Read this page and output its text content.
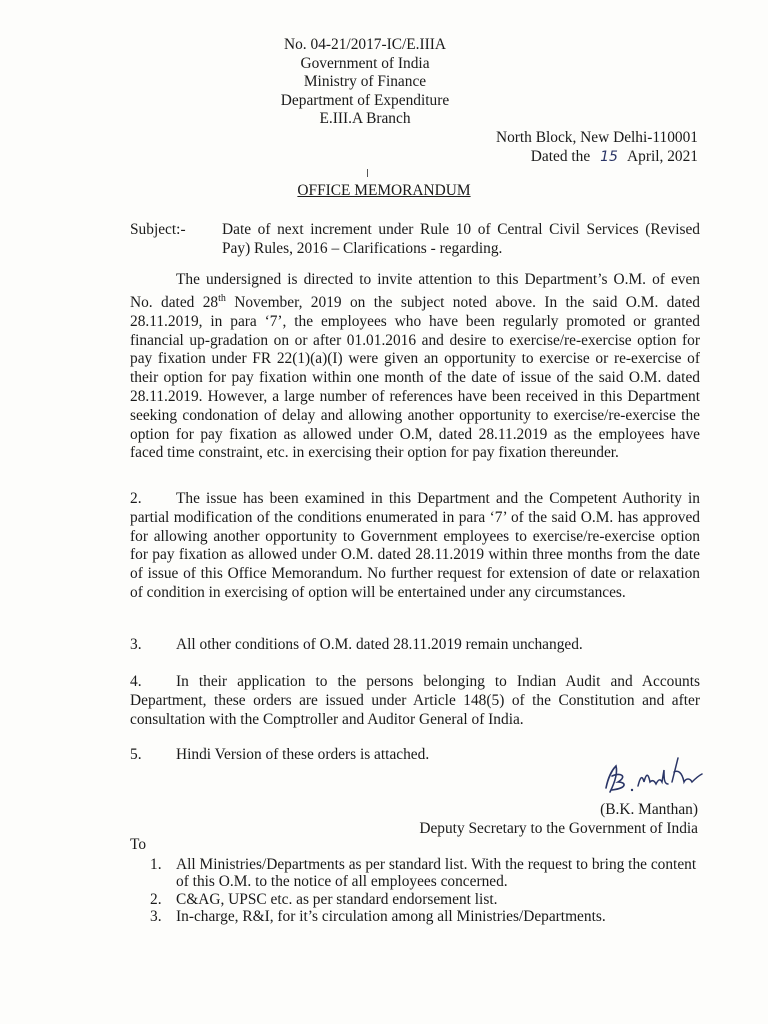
No. 04-21/2017-IC/E.IIIA
Government of India
Ministry of Finance
Department of Expenditure
E.III.A Branch
North Block, New Delhi-110001
Dated the 15 April, 2021
OFFICE MEMORANDUM
Subject:- Date of next increment under Rule 10 of Central Civil Services (Revised Pay) Rules, 2016 – Clarifications - regarding.
The undersigned is directed to invite attention to this Department’s O.M. of even No. dated 28th November, 2019 on the subject noted above. In the said O.M. dated 28.11.2019, in para ‘7’, the employees who have been regularly promoted or granted financial up-gradation on or after 01.01.2016 and desire to exercise/re-exercise option for pay fixation under FR 22(1)(a)(I) were given an opportunity to exercise or re-exercise of their option for pay fixation within one month of the date of issue of the said O.M. dated 28.11.2019. However, a large number of references have been received in this Department seeking condonation of delay and allowing another opportunity to exercise/re-exercise the option for pay fixation as allowed under O.M, dated 28.11.2019 as the employees have faced time constraint, etc. in exercising their option for pay fixation thereunder.
2. The issue has been examined in this Department and the Competent Authority in partial modification of the conditions enumerated in para ‘7’ of the said O.M. has approved for allowing another opportunity to Government employees to exercise/re-exercise option for pay fixation as allowed under O.M. dated 28.11.2019 within three months from the date of issue of this Office Memorandum. No further request for extension of date or relaxation of condition in exercising of option will be entertained under any circumstances.
3. All other conditions of O.M. dated 28.11.2019 remain unchanged.
4. In their application to the persons belonging to Indian Audit and Accounts Department, these orders are issued under Article 148(5) of the Constitution and after consultation with the Comptroller and Auditor General of India.
5. Hindi Version of these orders is attached.
(B.K. Manthan)
Deputy Secretary to the Government of India
To
1. All Ministries/Departments as per standard list. With the request to bring the content of this O.M. to the notice of all employees concerned.
2. C&AG, UPSC etc. as per standard endorsement list.
3. In-charge, R&I, for it’s circulation among all Ministries/Departments.
